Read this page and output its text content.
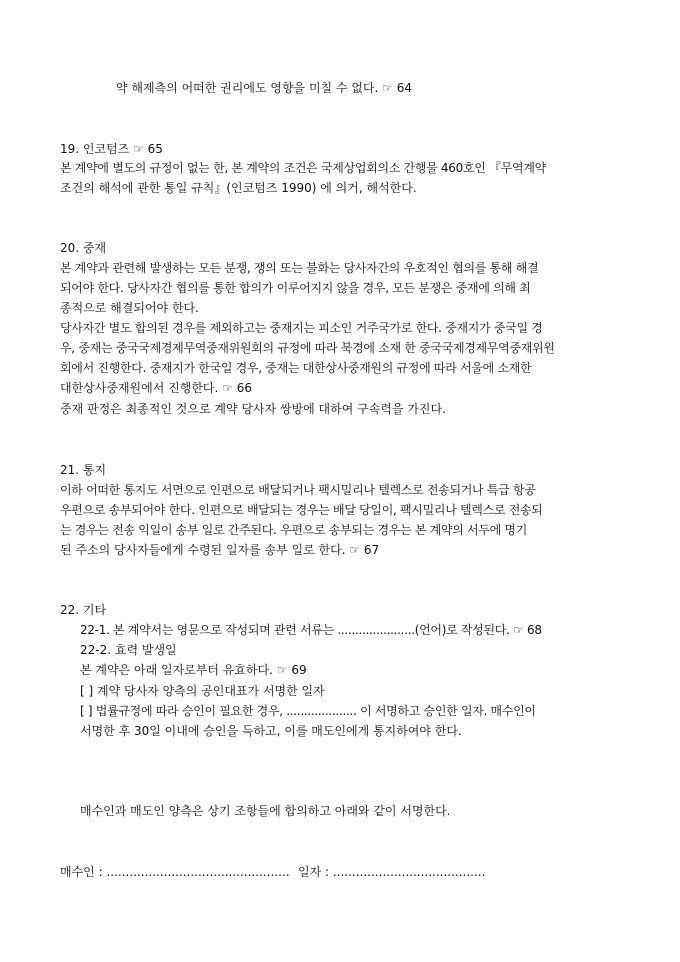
약 해제측의 어떠한 권리에도 영향을 미칠 수 없다. ☞ 64
19. 인코텀즈 ☞ 65
본 계약에 별도의 규정이 없는 한, 본 계약의 조건은 국제상업회의소 간행물 460호인 『무역계약
조건의 해석에 관한 통일 규칙』(인코텀즈 1990) 에 의거, 해석한다.
20. 중재
본 계약과 관련해 발생하는 모든 분쟁, 쟁의 또는 불화는 당사자간의 우호적인 협의를 통해 해결
되어야 한다. 당사자간 협의를 통한 합의가 이루어지지 않을 경우, 모든 분쟁은 중재에 의해 최
종적으로 해결되어야 한다.
당사자간 별도 합의된 경우를 제외하고는 중재지는 피소인 거주국가로 한다. 중재지가 중국일 경
우, 중재는 중국국제경제무역중재위원회의 규정에 따라 북경에 소재 한 중국국제경제무역중재위원
회에서 진행한다. 중재지가 한국일 경우, 중재는 대한상사중재원의 규정에 따라 서울에 소재한
대한상사중재원에서 진행한다. ☞ 66
중재 판정은 최종적인 것으로 계약 당사자 쌍방에 대하여 구속력을 가진다.
21. 통지
이하 어떠한 통지도 서면으로 인편으로 배달되거나 팩시밀리나 텔렉스로 전송되거나 특급 항공
우편으로 송부되어야 한다. 인편으로 배달되는 경우는 배달 당일이, 팩시밀리나 텔렉스로 전송되
는 경우는 전송 익일이 송부 일로 간주된다. 우편으로 송부되는 경우는 본 계약의 서두에 명기
된 주소의 당사자들에게 수령된 일자를 송부 일로 한다. ☞ 67
22. 기타
22-1. 본 계약서는 영문으로 작성되며 관련 서류는 ......................(언어)로 작성된다. ☞ 68
22-2. 효력 발생일
본 계약은 아래 일자로부터 유효하다. ☞ 69
[ ] 계약 당사자 양측의 공인대표가 서명한 일자
[ ] 법률규정에 따라 승인이 필요한 경우, .................... 이 서명하고 승인한 일자. 매수인이
서명한 후 30일 이내에 승인을 득하고, 이를 매도인에게 통지하여야 한다.
매수인과 매도인 양측은 상기 조항들에 합의하고 아래와 같이 서명한다.
매수인 : ................................................ 일자 : ........................................
